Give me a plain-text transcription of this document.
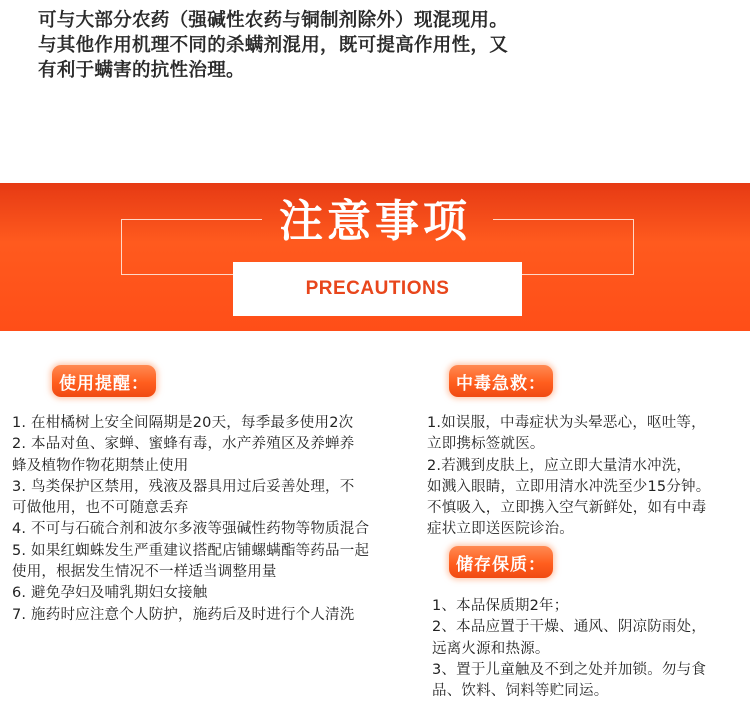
可与大部分农药（强碱性农药与铜制剂除外）现混现用。

与其他作用机理不同的杀螨剂混用，既可提高作用性，又

有利于螨害的抗性治理。

注意事项
PRECAUTIONS
使用提醒：	中毒急救：
储存保质：
1. 在柑橘树上安全间隔期是20天，每季最多使用2次
2. 本品对鱼、家蝉、蜜蜂有毒，水产养殖区及养蝉养
蜂及植物作物花期禁止使用
3. 鸟类保护区禁用，残液及器具用过后妥善处理，不
可做他用，也不可随意丢弃
4. 不可与石硫合剂和波尔多液等强碱性药物等物质混合
5. 如果红蜘蛛发生严重建议搭配店铺螺螨酯等药品一起
使用，根据发生情况不一样适当调整用量
6. 避免孕妇及哺乳期妇女接触
7. 施药时应注意个人防护，施药后及时进行个人清洗
1.如误服，中毒症状为头晕恶心，呕吐等，
立即携标签就医。
2.若溅到皮肤上，应立即大量清水冲洗，
如溅入眼睛，立即用清水冲洗至少15分钟。
不慎吸入，立即携入空气新鲜处，如有中毒
症状立即送医院诊治。
1、本品保质期2年；
2、本品应置于干燥、通风、阴凉防雨处，
远离火源和热源。
3、置于儿童触及不到之处并加锁。勿与食
品、饮料、饲料等贮同运。
